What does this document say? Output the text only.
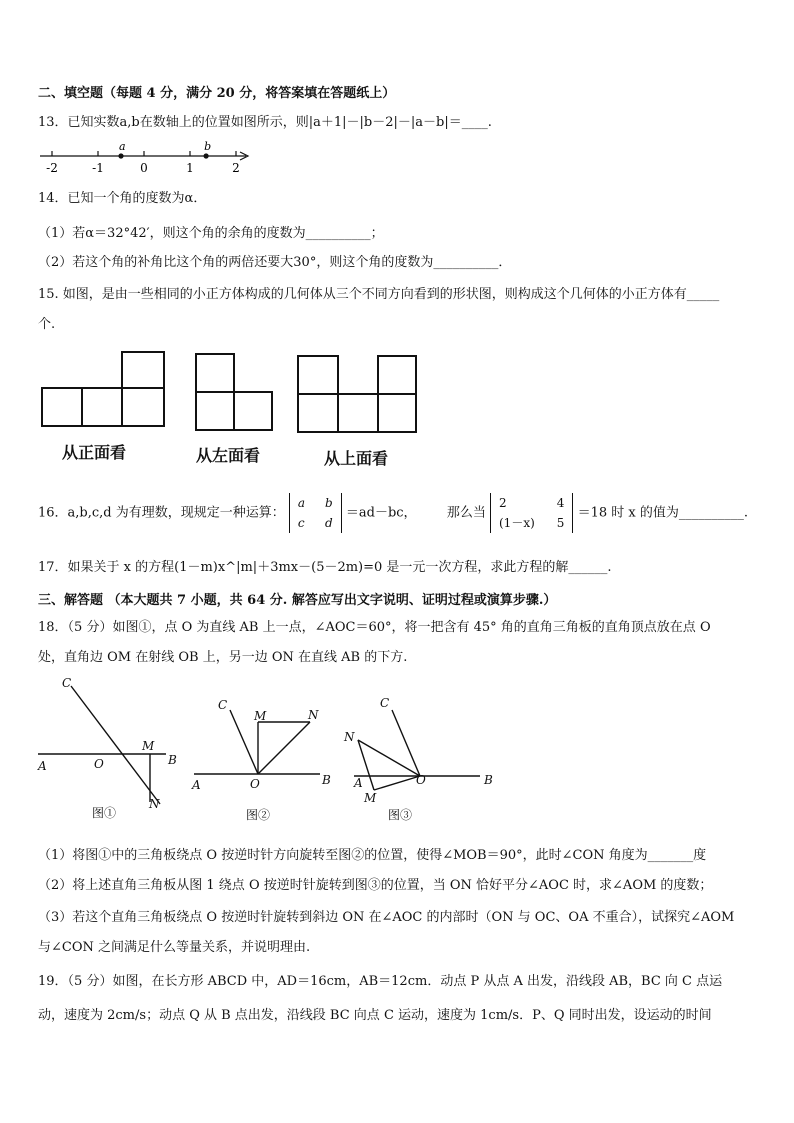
二、填空题（每题 4 分，满分 20 分，将答案填在答题纸上）
13．已知实数a,b在数轴上的位置如图所示，则|a＋1|－|b－2|－|a－b|＝____.
-2	-1	0	1	2
a	b
14．已知一个角的度数为α．
（1）若α＝32°42′，则这个角的余角的度数为__________；
（2）若这个角的补角比这个角的两倍还要大30°，则这个角的度数为__________．
15. 如图，是由一些相同的小正方体构成的几何体从三个不同方向看到的形状图，则构成这个几何体的小正方体有_____
个.
从正面看	从左面看	从上面看
16．a,b,c,d 为有理数，现规定一种运算： a	b
c	d ＝ad－bc， 那么当 2	4
(1－x)	5 ＝18 时 x 的值为__________.
17．如果关于 x 的方程(1－m)x^|m|＋3mx－(5－2m)=0 是一元一次方程，求此方程的解______.
三、解答题 （本大题共 7 小题，共 64 分. 解答应写出文字说明、证明过程或演算步骤.）
18．（5 分）如图①，点 O 为直线 AB 上一点，∠AOC＝60°，将一把含有 45° 角的直角三角板的直角顶点放在点 O
处，直角边 OM 在射线 OB 上，另一边 ON 在直线 AB 的下方.
C
A	O
M
B
N
图①
C
M	N
A	O	B
图②
C
N
A
M
O	B
图③
（1）将图①中的三角板绕点 O 按逆时针方向旋转至图②的位置，使得∠MOB＝90°，此时∠CON 角度为_______度
（2）将上述直角三角板从图 1 绕点 O 按逆时针旋转到图③的位置，当 ON 恰好平分∠AOC 时，求∠AOM 的度数；
（3）若这个直角三角板绕点 O 按逆时针旋转到斜边 ON 在∠AOC 的内部时（ON 与 OC、OA 不重合），试探究∠AOM
与∠CON 之间满足什么等量关系，并说明理由.
19．（5 分）如图，在长方形 ABCD 中，AD＝16cm，AB＝12cm．动点 P 从点 A 出发，沿线段 AB，BC 向 C 点运
动，速度为 2cm/s；动点 Q 从 B 点出发，沿线段 BC 向点 C 运动，速度为 1cm/s．P、Q 同时出发，设运动的时间
